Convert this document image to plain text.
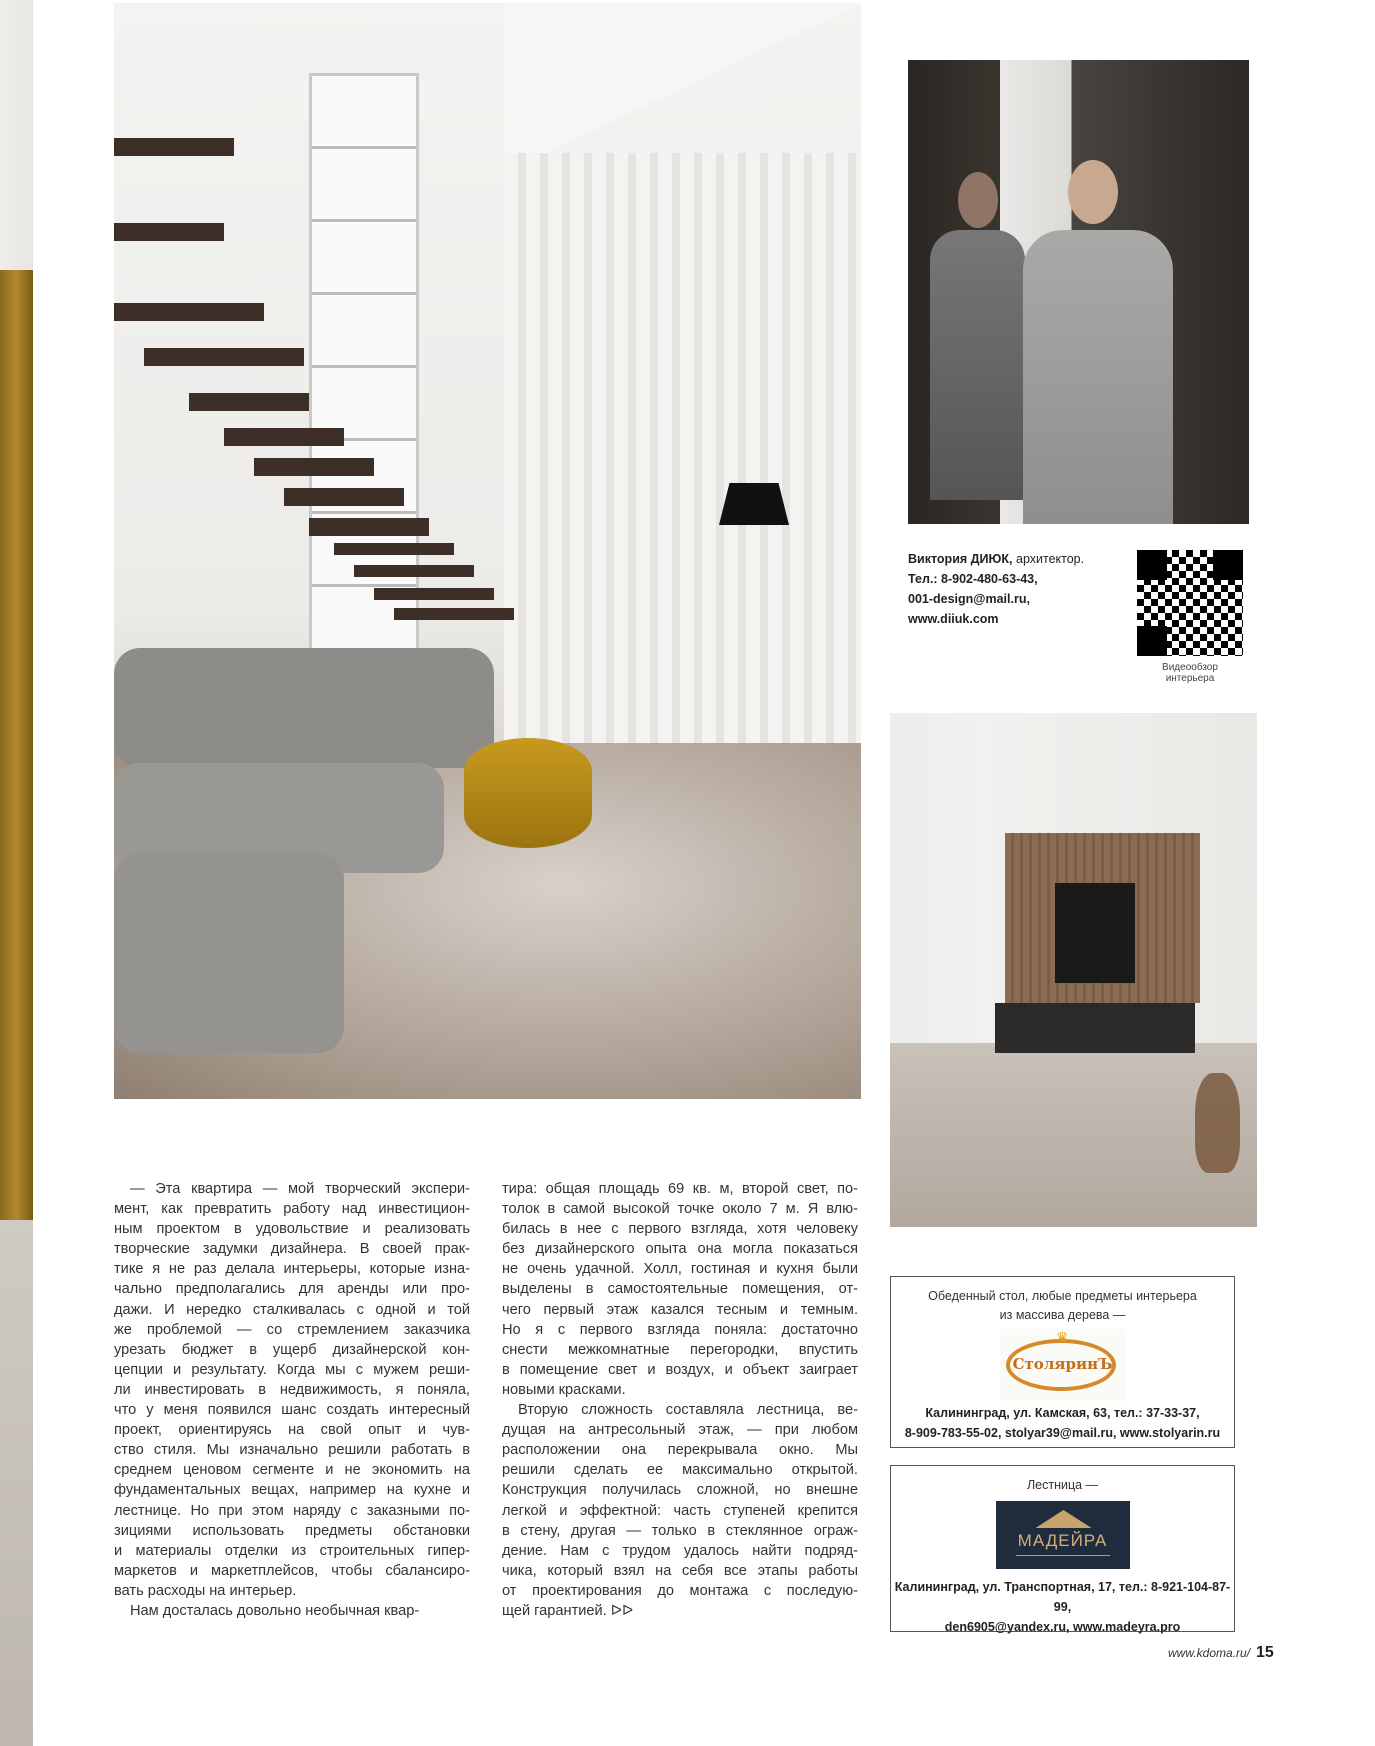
Виктория ДИЮК, архитектор.
Тел.: 8-902-480-63-43,
001-design@mail.ru,
www.diiuk.com
Видеообзор интерьера
— Эта квартира — мой творческий экспери-
мент, как превратить работу над инвестицион-
ным проектом в удовольствие и реализовать
творческие задумки дизайнера. В своей прак-
тике я не раз делала интерьеры, которые изна-
чально предполагались для аренды или про-
дажи. И нередко сталкивалась с одной и той
же проблемой — со стремлением заказчика
урезать бюджет в ущерб дизайнерской кон-
цепции и результату. Когда мы с мужем реши-
ли инвестировать в недвижимость, я поняла,
что у меня появился шанс создать интересный
проект, ориентируясь на свой опыт и чув-
ство стиля. Мы изначально решили работать в
среднем ценовом сегменте и не экономить на
фундаментальных вещах, например на кухне и
лестнице. Но при этом наряду с заказными по-
зициями использовать предметы обстановки
и материалы отделки из строительных гипер-
маркетов и маркетплейсов, чтобы сбалансиро-
вать расходы на интерьер.
Нам досталась довольно необычная квар-
тира: общая площадь 69 кв. м, второй свет, по-
толок в самой высокой точке около 7 м. Я влю-
билась в нее с первого взгляда, хотя человеку
без дизайнерского опыта она могла показаться
не очень удачной. Холл, гостиная и кухня были
выделены в самостоятельные помещения, от-
чего первый этаж казался тесным и темным.
Но я с первого взгляда поняла: достаточно
снести межкомнатные перегородки, впустить
в помещение свет и воздух, и объект заиграет
новыми красками.
Вторую сложность составляла лестница, ве-
дущая на антресольный этаж, — при любом
расположении она перекрывала окно. Мы
решили сделать ее максимально открытой.
Конструкция получилась сложной, но внешне
легкой и эффектной: часть ступеней крепится
в стену, другая — только в стеклянное ограж-
дение. Нам с трудом удалось найти подряд-
чика, который взял на себя все этапы работы
от проектирования до монтажа с последую-
щей гарантией. ᐅᐅ
Обеденный стол, любые предметы интерьера
из массива дерева —
♛
СтоляринЪ
Калининград, ул. Камская, 63, тел.: 37-33-37,
8-909-783-55-02, stolyar39@mail.ru, www.stolyarin.ru
Лестница —
МАДЕЙРА
Калининград, ул. Транспортная, 17, тел.: 8-921-104-87-99,
den6905@yandex.ru, www.madeyra.pro
www.kdoma.ru/ 15
